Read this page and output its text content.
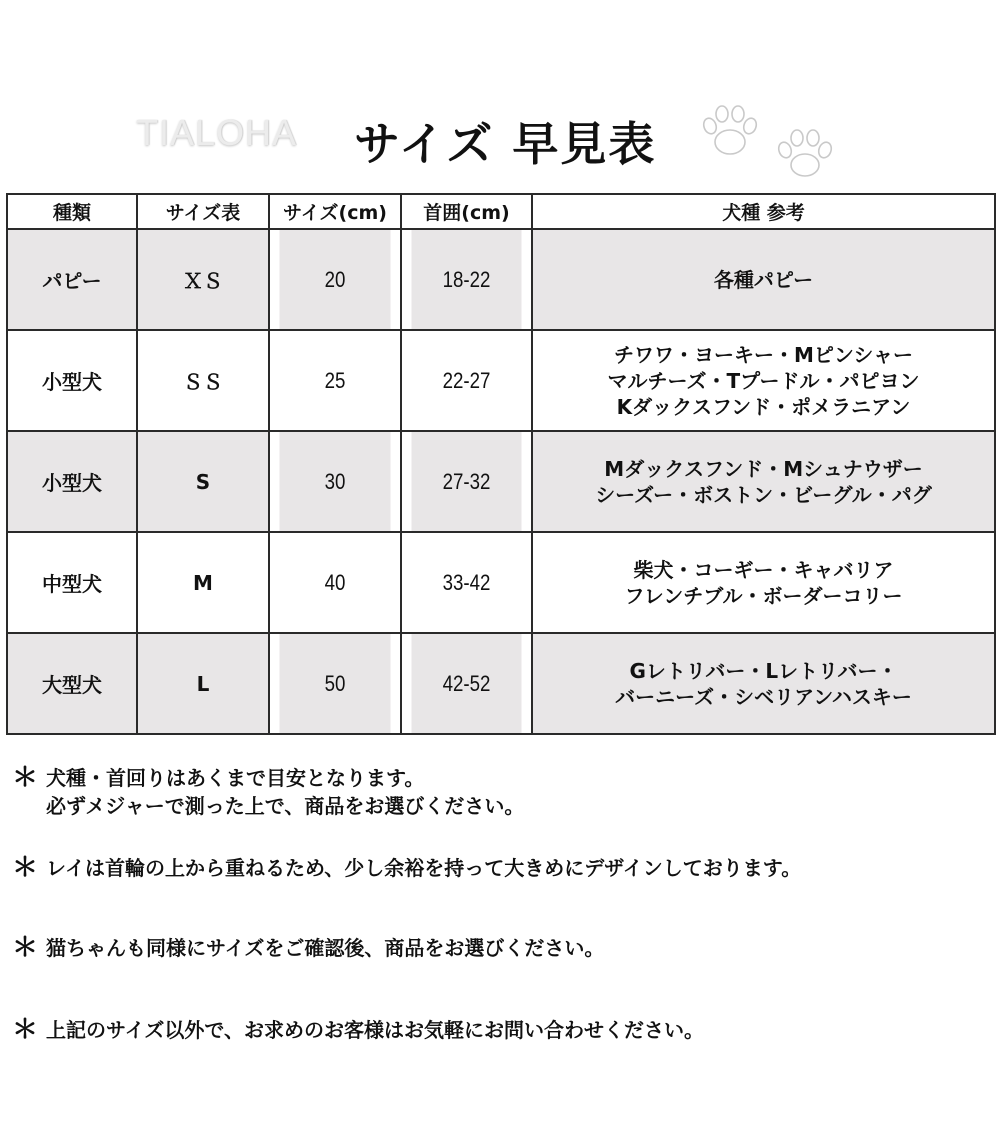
TIALOHA サイズ 早見表
種類	サイズ表	サイズ(cm)	首囲(cm)	犬種 参考
パピー	ＸＳ	20	18-22	各種パピー

小型犬	ＳＳ	25	22-27	チワワ・ヨーキー・Mピンシャー
マルチーズ・Tプードル・パピヨン
Kダックスフンド・ポメラニアン

小型犬	S	30	27-32	Mダックスフンド・Mシュナウザー
シーズー・ボストン・ビーグル・パグ

中型犬	M	40	33-42	柴犬・コーギー・キャバリア
フレンチブル・ボーダーコリー

大型犬	L	50	42-52	Gレトリバー・Lレトリバー・
バーニーズ・シベリアンハスキー
＊ 犬種・首回りはあくまで目安となります。
必ずメジャーで測った上で、商品をお選びください。
＊ レイは首輪の上から重ねるため、少し余裕を持って大きめにデザインしております。
＊ 猫ちゃんも同様にサイズをご確認後、商品をお選びください。
＊ 上記のサイズ以外で、お求めのお客様はお気軽にお問い合わせください。
